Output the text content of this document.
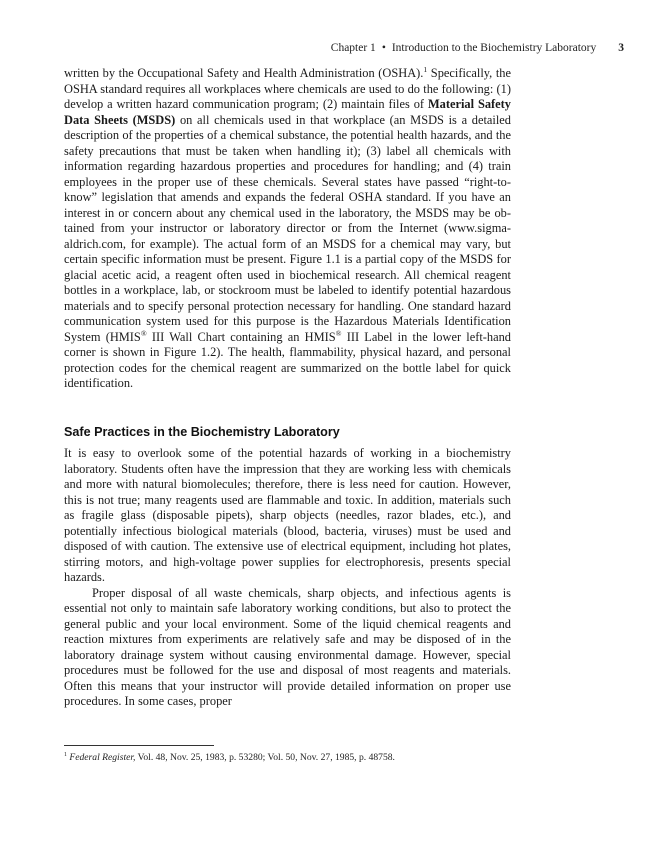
Chapter 1 • Introduction to the Biochemistry Laboratory 3

written by the Occupational Safety and Health Administration (OSHA).$^1$ Specifically, the OSHA standard requires all workplaces where chemicals are used to do the following: (1) develop a written hazard communication program; (2) maintain files of Material Safety Data Sheets (MSDS) on all chemicals used in that workplace (an MSDS is a detailed description of the properties of a chemical substance, the potential health hazards, and the safety precautions that must be taken when handling it); (3) label all chemicals with information regarding hazardous properties and procedures for handling; and (4) train employees in the proper use of these chemicals. Several states have passed “right-to-know” legislation that amends and expands the federal OSHA standard. If you have an interest in or concern about any chemical used in the laboratory, the MSDS may be obtained from your instructor or laboratory director or from the Internet (www.​sigma-aldrich.com, for example). The actual form of an MSDS for a chemical may vary, but certain specific information must be present. Figure 1.1 is a partial copy of the MSDS for glacial acetic acid, a reagent often used in biochemical research. All chemical reagent bottles in a workplace, lab, or stockroom must be labeled to identify potential hazardous materials and to specify personal protection necessary for handling. One standard hazard communication system used for this purpose is the Hazardous Materials Identification System (HMIS® III Wall Chart containing an HMIS® III Label in the lower left-hand corner is shown in Figure 1.2). The health, flammability, physical hazard, and personal protection codes for the chemical reagent are summarized on the bottle label for quick identification.

Safe Practices in the Biochemistry Laboratory

It is easy to overlook some of the potential hazards of working in a biochemistry laboratory. Students often have the impression that they are working less with chemicals and more with natural biomolecules; therefore, there is less need for caution. However, this is not true; many reagents used are flammable and toxic. In addition, materials such as fragile glass (disposable pipets), sharp objects (needles, razor blades, etc.), and potentially infectious biological materials (blood, bacteria, viruses) must be used and disposed of with caution. The extensive use of electrical equipment, including hot plates, stirring motors, and high-voltage power supplies for electrophoresis, presents special hazards.

Proper disposal of all waste chemicals, sharp objects, and infectious agents is essential not only to maintain safe laboratory working conditions, but also to protect the general public and your local environment. Some of the liquid chemical reagents and reaction mixtures from experiments are relatively safe and may be disposed of in the laboratory drainage system without causing environmental damage. However, special procedures must be followed for the use and disposal of most reagents and materials. Often this means that your instructor will provide detailed information on proper use procedures. In some cases, proper

$^1$ Federal Register, Vol. 48, Nov. 25, 1983, p. 53280; Vol. 50, Nov. 27, 1985, p. 48758.
